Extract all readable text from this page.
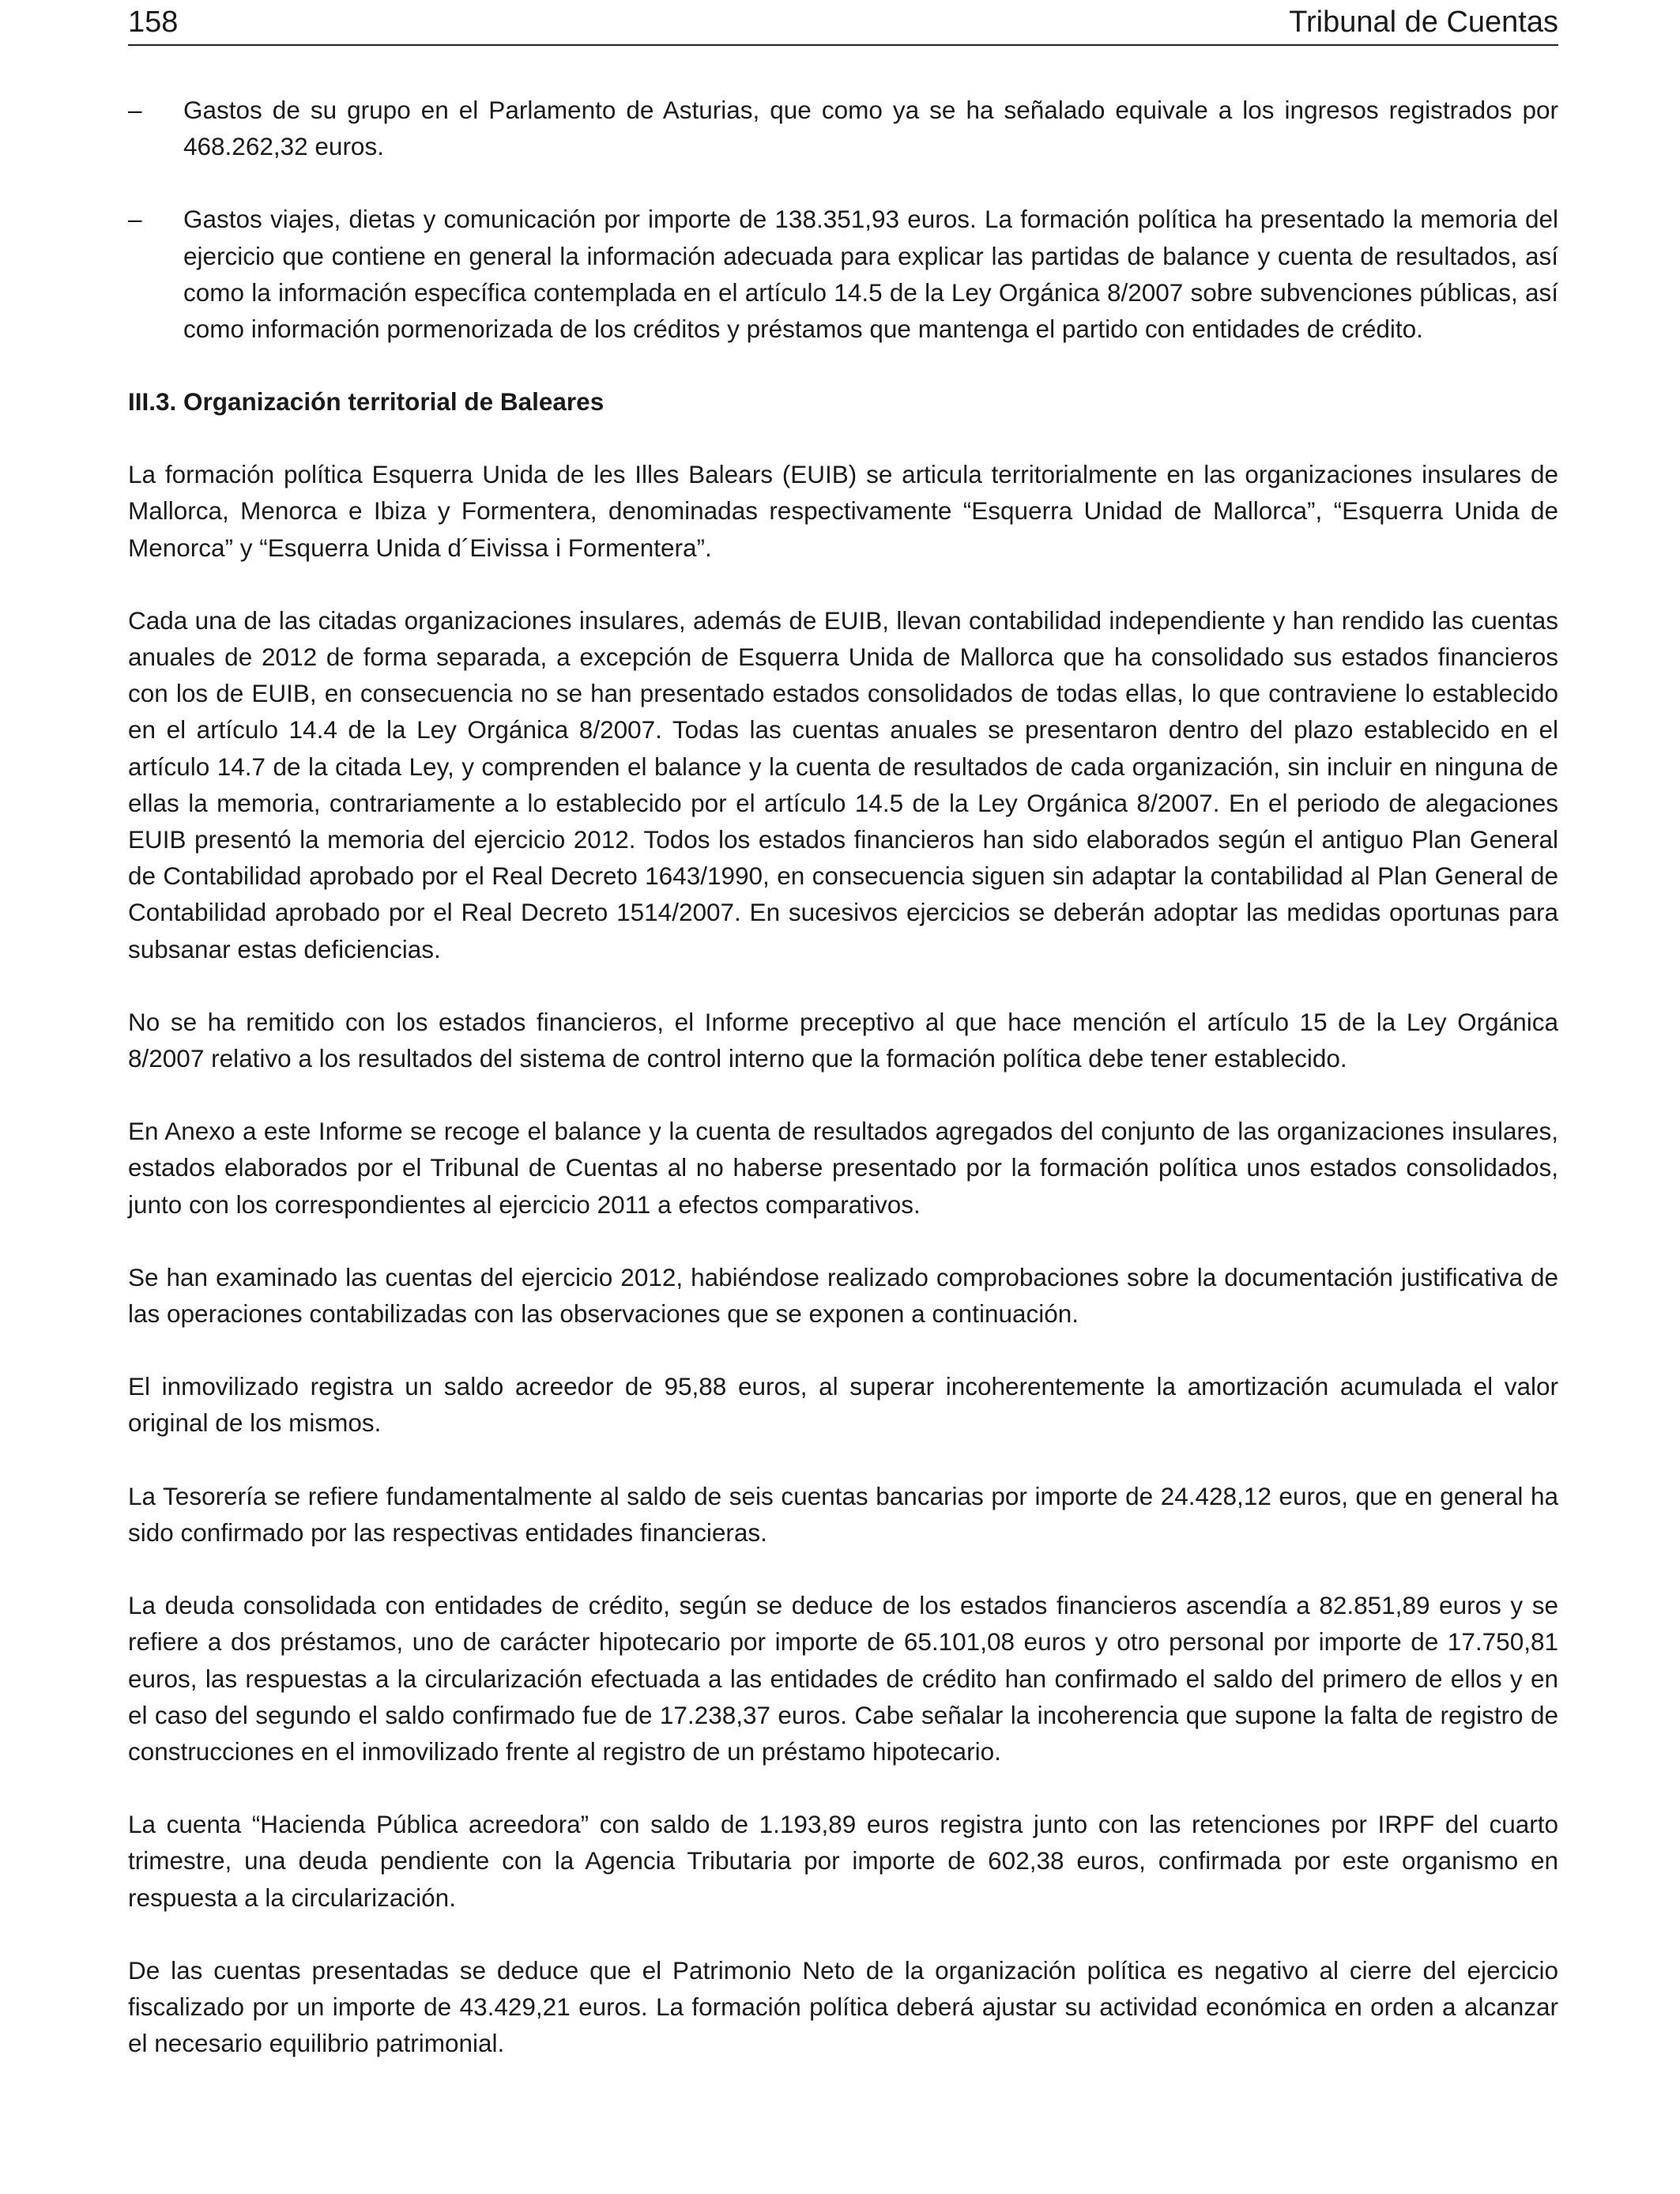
158	Tribunal de Cuentas
– Gastos de su grupo en el Parlamento de Asturias, que como ya se ha señalado equivale a los ingresos registrados por 468.262,32 euros.
– Gastos viajes, dietas y comunicación por importe de 138.351,93 euros. La formación política ha presentado la memoria del ejercicio que contiene en general la información adecuada para explicar las partidas de balance y cuenta de resultados, así como la información específica contemplada en el artículo 14.5 de la Ley Orgánica 8/2007 sobre subvenciones públicas, así como información pormenorizada de los créditos y préstamos que mantenga el partido con entidades de crédito.
III.3. Organización territorial de Baleares

La formación política Esquerra Unida de les Illes Balears (EUIB) se articula territorialmente en las organizaciones insulares de Mallorca, Menorca e Ibiza y Formentera, denominadas respectivamente “Esquerra Unidad de Mallorca”, “Esquerra Unida de Menorca” y “Esquerra Unida d´Eivissa i Formentera”.

Cada una de las citadas organizaciones insulares, además de EUIB, llevan contabilidad independiente y han rendido las cuentas anuales de 2012 de forma separada, a excepción de Esquerra Unida de Mallorca que ha consolidado sus estados financieros con los de EUIB, en consecuencia no se han presentado estados consolidados de todas ellas, lo que contraviene lo establecido en el artículo 14.4 de la Ley Orgánica 8/2007. Todas las cuentas anuales se presentaron dentro del plazo establecido en el artículo 14.7 de la citada Ley, y comprenden el balance y la cuenta de resultados de cada organización, sin incluir en ninguna de ellas la memoria, contrariamente a lo establecido por el artículo 14.5 de la Ley Orgánica 8/2007. En el periodo de alegaciones EUIB presentó la memoria del ejercicio 2012. Todos los estados financieros han sido elaborados según el antiguo Plan General de Contabilidad aprobado por el Real Decreto 1643/1990, en consecuencia siguen sin adaptar la contabilidad al Plan General de Contabilidad aprobado por el Real Decreto 1514/2007. En sucesivos ejercicios se deberán adoptar las medidas oportunas para subsanar estas deficiencias.

No se ha remitido con los estados financieros, el Informe preceptivo al que hace mención el artículo 15 de la Ley Orgánica 8/2007 relativo a los resultados del sistema de control interno que la formación política debe tener establecido.

En Anexo a este Informe se recoge el balance y la cuenta de resultados agregados del conjunto de las organizaciones insulares, estados elaborados por el Tribunal de Cuentas al no haberse presentado por la formación política unos estados consolidados, junto con los correspondientes al ejercicio 2011 a efectos comparativos.

Se han examinado las cuentas del ejercicio 2012, habiéndose realizado comprobaciones sobre la documentación justificativa de las operaciones contabilizadas con las observaciones que se exponen a continuación.

El inmovilizado registra un saldo acreedor de 95,88 euros, al superar incoherentemente la amortización acumulada el valor original de los mismos.

La Tesorería se refiere fundamentalmente al saldo de seis cuentas bancarias por importe de 24.428,12 euros, que en general ha sido confirmado por las respectivas entidades financieras.

La deuda consolidada con entidades de crédito, según se deduce de los estados financieros ascendía a 82.851,89 euros y se refiere a dos préstamos, uno de carácter hipotecario por importe de 65.101,08 euros y otro personal por importe de 17.750,81 euros, las respuestas a la circularización efectuada a las entidades de crédito han confirmado el saldo del primero de ellos y en el caso del segundo el saldo confirmado fue de 17.238,37 euros. Cabe señalar la incoherencia que supone la falta de registro de construcciones en el inmovilizado frente al registro de un préstamo hipotecario.

La cuenta “Hacienda Pública acreedora” con saldo de 1.193,89 euros registra junto con las retenciones por IRPF del cuarto trimestre, una deuda pendiente con la Agencia Tributaria por importe de 602,38 euros, confirmada por este organismo en respuesta a la circularización.

De las cuentas presentadas se deduce que el Patrimonio Neto de la organización política es negativo al cierre del ejercicio fiscalizado por un importe de 43.429,21 euros. La formación política deberá ajustar su actividad económica en orden a alcanzar el necesario equilibrio patrimonial.
